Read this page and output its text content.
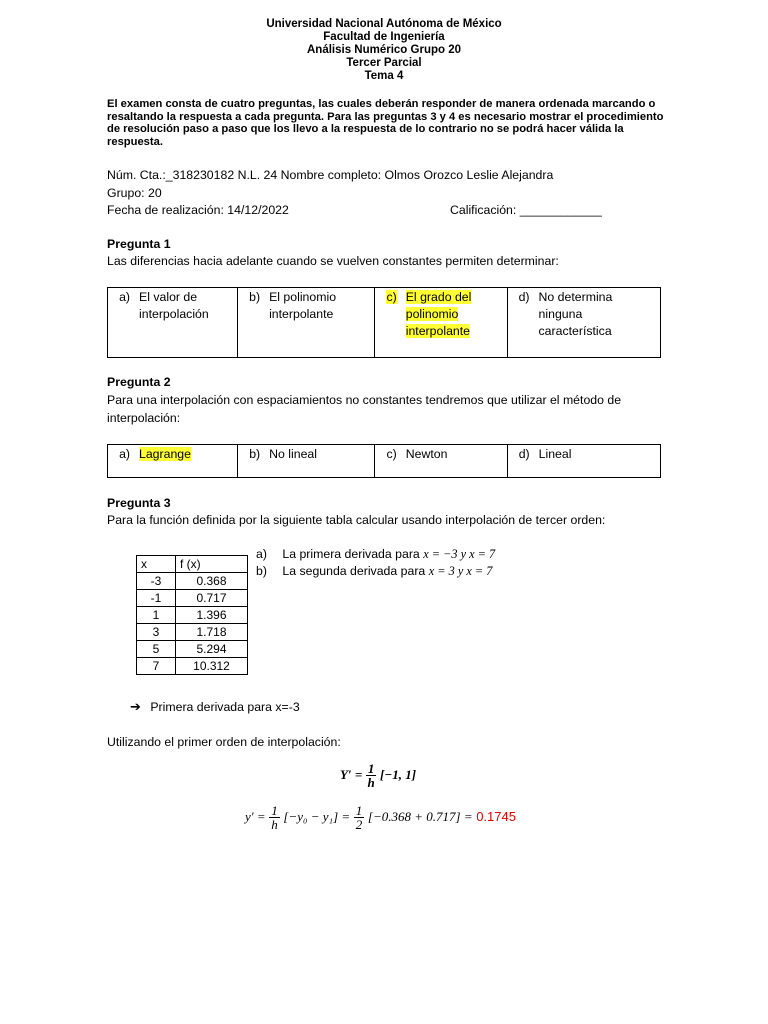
Universidad Nacional Autónoma de México
Facultad de Ingeniería
Análisis Numérico Grupo 20
Tercer Parcial
Tema 4
El examen consta de cuatro preguntas, las cuales deberán responder de manera ordenada marcando o resaltando la respuesta a cada pregunta. Para las preguntas 3 y 4 es necesario mostrar el procedimiento de resolución paso a paso que los llevo a la respuesta de lo contrario no se podrá hacer válida la respuesta.
Núm. Cta.:_318230182 N.L. 24 Nombre completo: Olmos Orozco Leslie Alejandra
Grupo: 20
Fecha de realización: 14/12/2022	Calificación: ____________
Pregunta 1
Las diferencias hacia adelante cuando se vuelven constantes permiten determinar:
a) El valor de interpolación

b) El polinomio interpolante

c) El grado del polinomio interpolante

d) No determina ninguna característica
Pregunta 2
Para una interpolación con espaciamientos no constantes tendremos que utilizar el método de interpolación:
a) Lagrange	b) No lineal	c) Newton	d) Lineal
Pregunta 3
Para la función definida por la siguiente tabla calcular usando interpolación de tercer orden:
x	f (x)
-3	0.368
-1	0.717
1	1.396
3	1.718
5	5.294
7	10.312
a) La primera derivada para x = −3 y x = 7
b) La segunda derivada para x = 3 y x = 7
➔ Primera derivada para x=-3
Utilizando el primer orden de interpolación:
$Y' = \frac{1}{h} [-1$, 1]
$y' = \frac{1}{h} [-y_0 - y_1] = \frac{1}{2} [-0.368 + 0.717] = 0.1745$
